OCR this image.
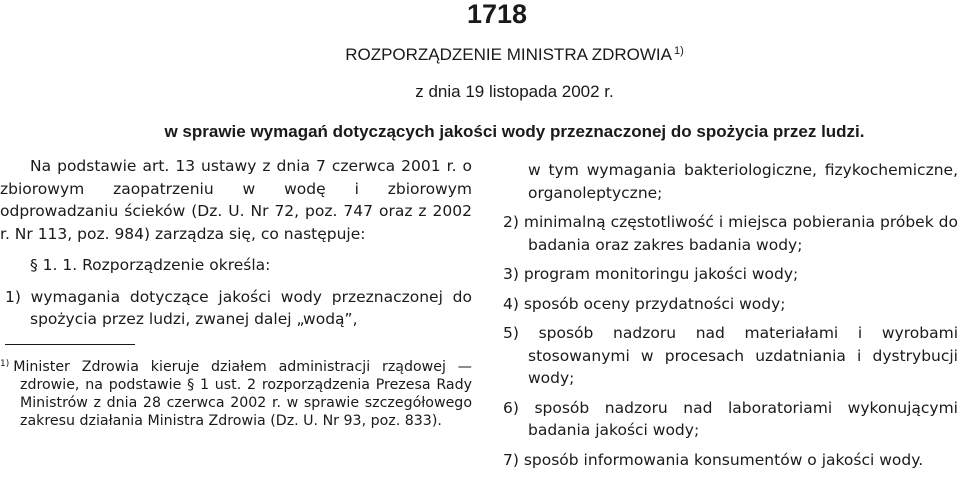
1718
ROZPORZĄDZENIE MINISTRA ZDROWIA $^{1)}$
z dnia 19 listopada 2002 r.
w sprawie wymagań dotyczących jakości wody przeznaczonej do spożycia przez ludzi.

Na podstawie art. 13 ustawy z dnia 7 czerwca 2001 r. o zbiorowym zaopatrzeniu w wodę i zbiorowym odprowadzaniu ścieków (Dz. U. Nr 72, poz. 747 oraz z 2002 r. Nr 113, poz. 984) zarządza się, co następuje:

§ 1. 1. Rozporządzenie określa:

1) wymagania dotyczące jakości wody przeznaczonej do spożycia przez ludzi, zwanej dalej „wodą”,

$^{1)}$ Minister Zdrowia kieruje działem administracji rządowej — zdrowie, na podstawie § 1 ust. 2 rozporządzenia Prezesa Rady Ministrów z dnia 28 czerwca 2002 r. w sprawie szczegółowego zakresu działania Ministra Zdrowia (Dz. U. Nr 93, poz. 833).

w tym wymagania bakteriologiczne, fizykochemiczne, organoleptyczne;

2) minimalną częstotliwość i miejsca pobierania próbek do badania oraz zakres badania wody;

3) program monitoringu jakości wody;

4) sposób oceny przydatności wody;

5) sposób nadzoru nad materiałami i wyrobami stosowanymi w procesach uzdatniania i dystrybucji wody;

6) sposób nadzoru nad laboratoriami wykonującymi badania jakości wody;

7) sposób informowania konsumentów o jakości wody.
